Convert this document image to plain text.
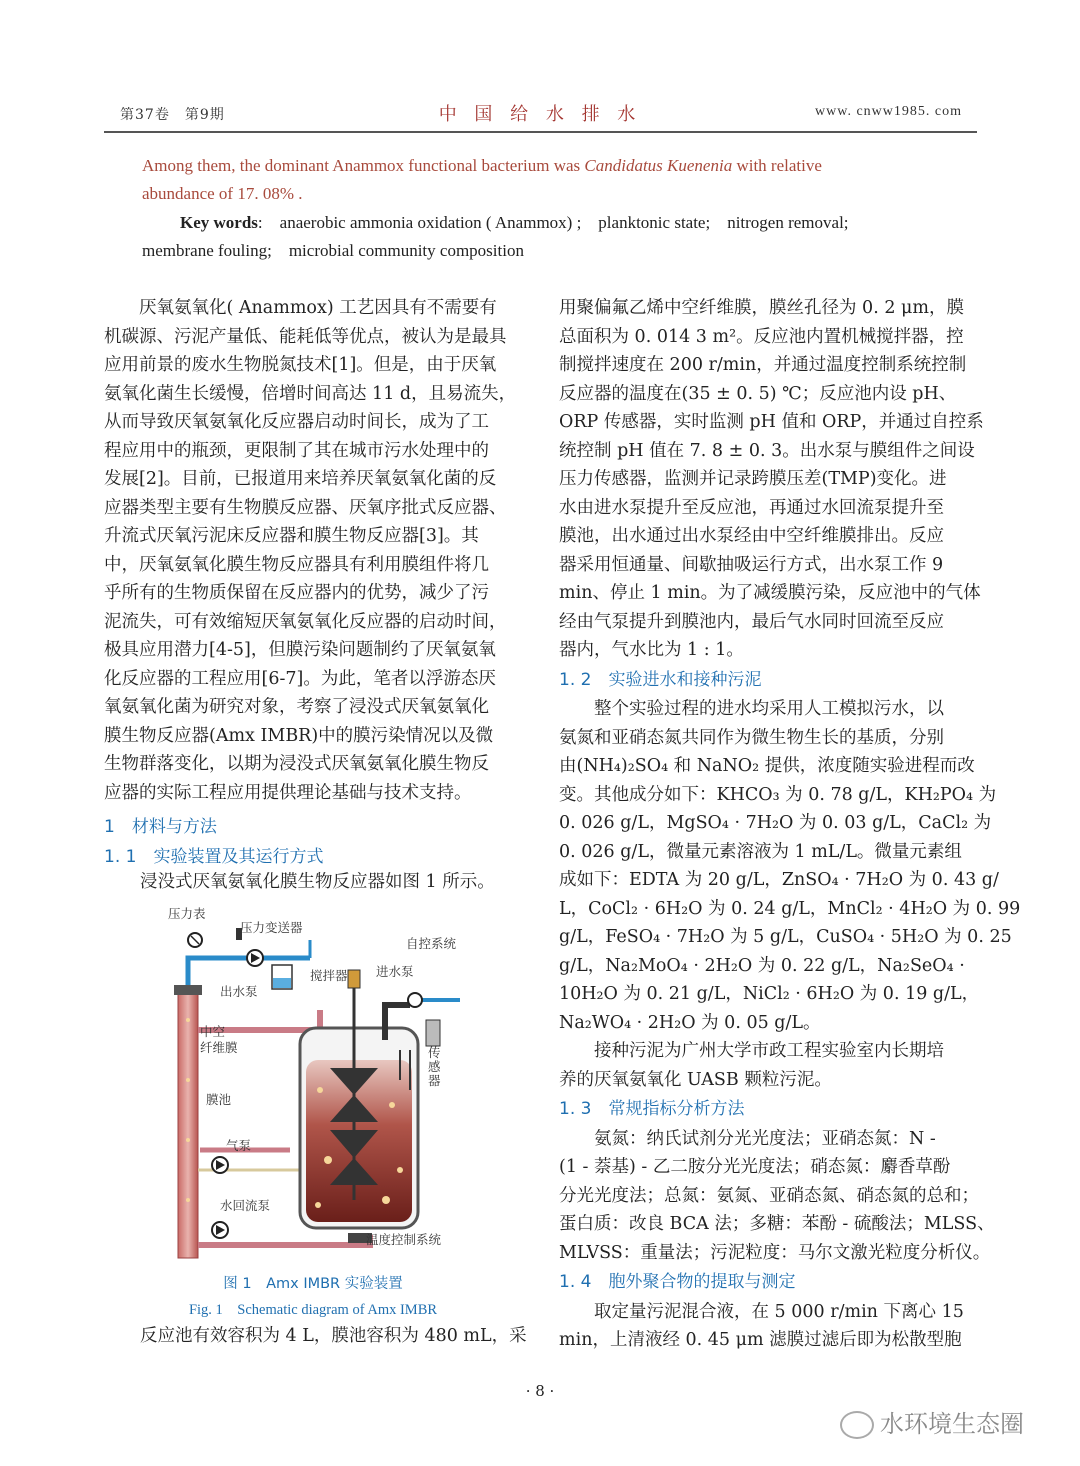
第37卷　第9期	中 国 给 水 排 水	www. cnww1985. com
Among them, the dominant Anammox functional bacterium was Candidatus Kuenenia with relative
abundance of 17. 08% .
Key words:　anaerobic ammonia oxidation ( Anammox) ;　planktonic state;　nitrogen removal;
membrane fouling;　microbial community composition
厌氧氨氧化( Anammox) 工艺因具有不需要有
机碳源、污泥产量低、能耗低等优点，被认为是最具
应用前景的废水生物脱氮技术[1]。但是，由于厌氧
氨氧化菌生长缓慢，倍增时间高达 11 d，且易流失，
从而导致厌氧氨氧化反应器启动时间长，成为了工
程应用中的瓶颈，更限制了其在城市污水处理中的
发展[2]。目前，已报道用来培养厌氧氨氧化菌的反
应器类型主要有生物膜反应器、厌氧序批式反应器、
升流式厌氧污泥床反应器和膜生物反应器[3]。其
中，厌氧氨氧化膜生物反应器具有利用膜组件将几
乎所有的生物质保留在反应器内的优势，减少了污
泥流失，可有效缩短厌氧氨氧化反应器的启动时间，
极具应用潜力[4-5]，但膜污染问题制约了厌氧氨氧
化反应器的工程应用[6-7]。为此，笔者以浮游态厌
氧氨氧化菌为研究对象，考察了浸没式厌氧氨氧化
膜生物反应器(Amx IMBR)中的膜污染情况以及微
生物群落变化，以期为浸没式厌氧氨氧化膜生物反
应器的实际工程应用提供理论基础与技术支持。
1　材料与方法
1. 1　实验装置及其运行方式
浸没式厌氧氨氧化膜生物反应器如图 1 所示。
压力表
压力变送器
自控系统
出水泵
搅拌器 进水泵
中空
纤维膜	传
感
器
膜池
气泵
水回流泵
温度控制系统
图 1　Amx IMBR 实验装置
Fig. 1　Schematic diagram of Amx IMBR
反应池有效容积为 4 L，膜池容积为 480 mL，采
用聚偏氟乙烯中空纤维膜，膜丝孔径为 0. 2 μm，膜
总面积为 0. 014 3 m²。反应池内置机械搅拌器，控
制搅拌速度在 200 r/min，并通过温度控制系统控制
反应器的温度在(35 ± 0. 5) ℃；反应池内设 pH、
ORP 传感器，实时监测 pH 值和 ORP，并通过自控系
统控制 pH 值在 7. 8 ± 0. 3。出水泵与膜组件之间设
压力传感器，监测并记录跨膜压差(TMP)变化。进
水由进水泵提升至反应池，再通过水回流泵提升至
膜池，出水通过出水泵经由中空纤维膜排出。反应
器采用恒通量、间歇抽吸运行方式，出水泵工作 9
min、停止 1 min。为了减缓膜污染，反应池中的气体
经由气泵提升到膜池内，最后气水同时回流至反应
器内，气水比为 1 : 1。
1. 2　实验进水和接种污泥
整个实验过程的进水均采用人工模拟污水，以
氨氮和亚硝态氮共同作为微生物生长的基质，分别
由(NH₄)₂SO₄ 和 NaNO₂ 提供，浓度随实验进程而改
变。其他成分如下：KHCO₃ 为 0. 78 g/L，KH₂PO₄ 为
0. 026 g/L，MgSO₄ · 7H₂O 为 0. 03 g/L，CaCl₂ 为
0. 026 g/L，微量元素溶液为 1 mL/L。微量元素组
成如下：EDTA 为 20 g/L，ZnSO₄ · 7H₂O 为 0. 43 g/
L，CoCl₂ · 6H₂O 为 0. 24 g/L，MnCl₂ · 4H₂O 为 0. 99
g/L，FeSO₄ · 7H₂O 为 5 g/L，CuSO₄ · 5H₂O 为 0. 25
g/L，Na₂MoO₄ · 2H₂O 为 0. 22 g/L，Na₂SeO₄ ·
10H₂O 为 0. 21 g/L，NiCl₂ · 6H₂O 为 0. 19 g/L，
Na₂WO₄ · 2H₂O 为 0. 05 g/L。
接种污泥为广州大学市政工程实验室内长期培
养的厌氧氨氧化 UASB 颗粒污泥。
1. 3　常规指标分析方法
氨氮：纳氏试剂分光光度法；亚硝态氮：N -
(1 - 萘基) - 乙二胺分光光度法；硝态氮：麝香草酚
分光光度法；总氮：氨氮、亚硝态氮、硝态氮的总和；
蛋白质：改良 BCA 法；多糖：苯酚 - 硫酸法；MLSS、
MLVSS：重量法；污泥粒度：马尔文激光粒度分析仪。
1. 4　胞外聚合物的提取与测定
取定量污泥混合液，在 5 000 r/min 下离心 15
min，上清液经 0. 45 μm 滤膜过滤后即为松散型胞
· 8 ·
水环境生态圈
